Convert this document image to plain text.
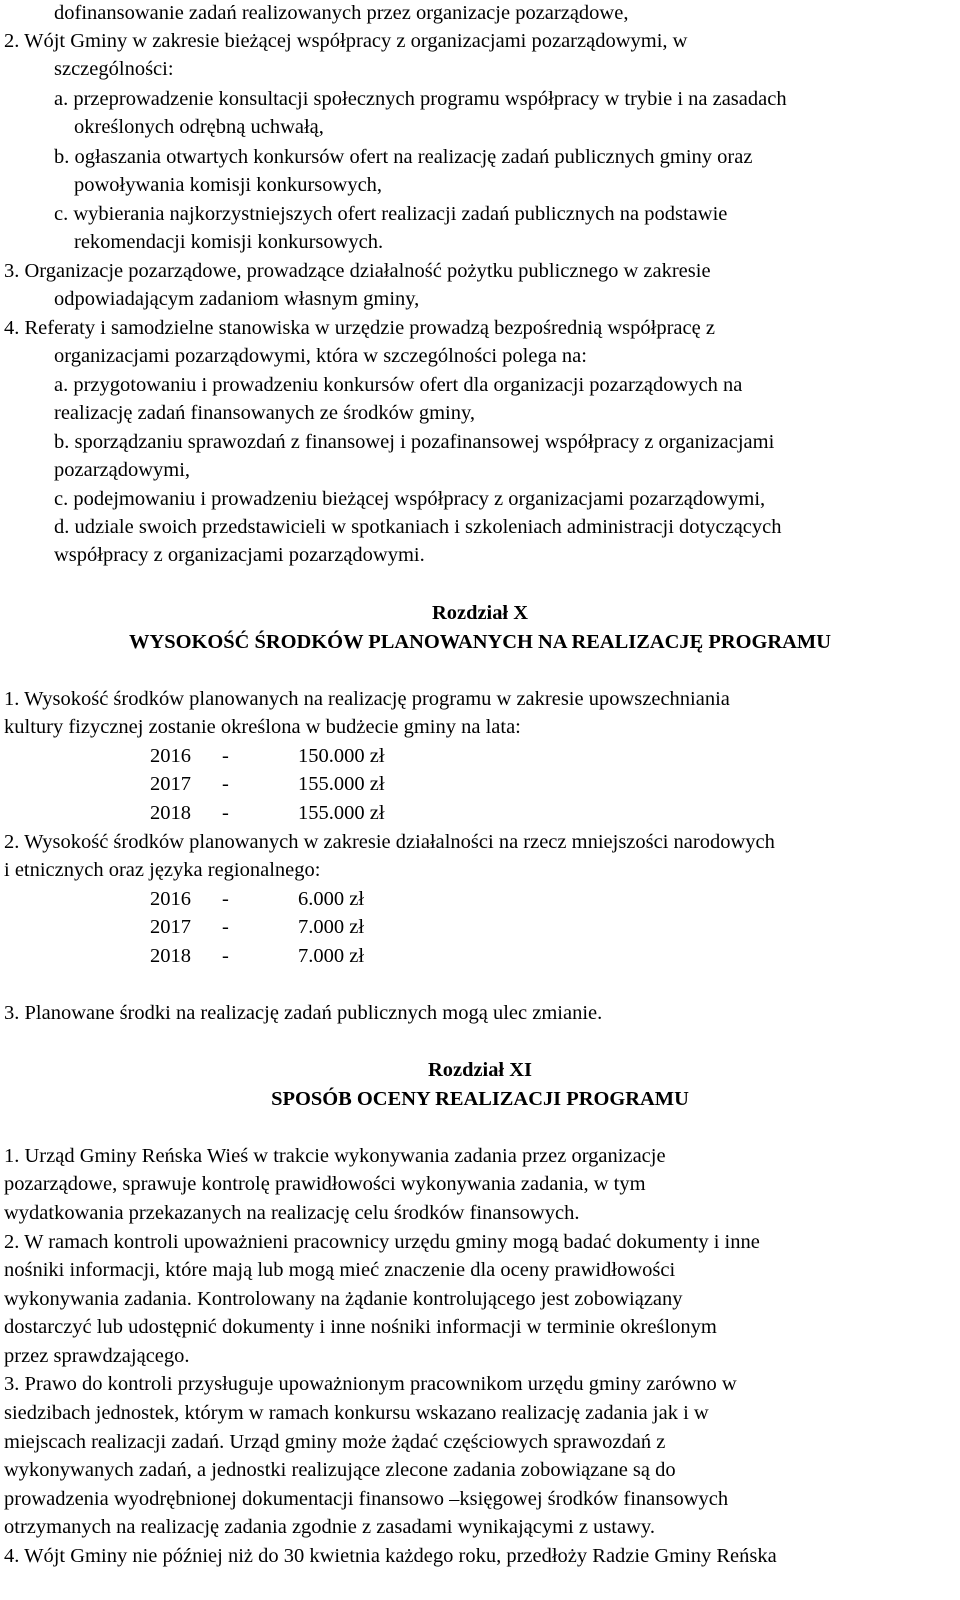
dofinansowanie zadań realizowanych przez organizacje pozarządowe,
2. Wójt Gminy w zakresie bieżącej współpracy z organizacjami pozarządowymi, w
szczególności:
a. przeprowadzenie konsultacji społecznych programu współpracy w trybie i na zasadach
określonych odrębną uchwałą,
b. ogłaszania otwartych konkursów ofert na realizację zadań publicznych gminy oraz
powoływania komisji konkursowych,
c. wybierania najkorzystniejszych ofert realizacji zadań publicznych na podstawie
rekomendacji komisji konkursowych.
3. Organizacje pozarządowe, prowadzące działalność pożytku publicznego w zakresie
odpowiadającym zadaniom własnym gminy,
4. Referaty i samodzielne stanowiska w urzędzie prowadzą bezpośrednią współpracę z
organizacjami pozarządowymi, która w szczególności polega na:
a. przygotowaniu i prowadzeniu konkursów ofert dla organizacji pozarządowych na
realizację zadań finansowanych ze środków gminy,
b. sporządzaniu sprawozdań z finansowej i pozafinansowej współpracy z organizacjami
pozarządowymi,
c. podejmowaniu i prowadzeniu bieżącej współpracy z organizacjami pozarządowymi,
d. udziale swoich przedstawicieli w spotkaniach i szkoleniach administracji dotyczących
współpracy z organizacjami pozarządowymi.
Rozdział X
WYSOKOŚĆ ŚRODKÓW PLANOWANYCH NA REALIZACJĘ PROGRAMU
1. Wysokość środków planowanych na realizację programu w zakresie upowszechniania
kultury fizycznej zostanie określona w budżecie gminy na lata:
2016 -	150.000 zł
2017 -	155.000 zł
2018 -	155.000 zł
2. Wysokość środków planowanych w zakresie działalności na rzecz mniejszości narodowych
i etnicznych oraz języka regionalnego:
2016 -	6.000 zł
2017 -	7.000 zł
2018 -	7.000 zł
3. Planowane środki na realizację zadań publicznych mogą ulec zmianie.
Rozdział XI
SPOSÓB OCENY REALIZACJI PROGRAMU
1. Urząd Gminy Reńska Wieś w trakcie wykonywania zadania przez organizacje
pozarządowe, sprawuje kontrolę prawidłowości wykonywania zadania, w tym
wydatkowania przekazanych na realizację celu środków finansowych.
2. W ramach kontroli upoważnieni pracownicy urzędu gminy mogą badać dokumenty i inne
nośniki informacji, które mają lub mogą mieć znaczenie dla oceny prawidłowości
wykonywania zadania. Kontrolowany na żądanie kontrolującego jest zobowiązany
dostarczyć lub udostępnić dokumenty i inne nośniki informacji w terminie określonym
przez sprawdzającego.
3. Prawo do kontroli przysługuje upoważnionym pracownikom urzędu gminy zarówno w
siedzibach jednostek, którym w ramach konkursu wskazano realizację zadania jak i w
miejscach realizacji zadań. Urząd gminy może żądać częściowych sprawozdań z
wykonywanych zadań, a jednostki realizujące zlecone zadania zobowiązane są do
prowadzenia wyodrębnionej dokumentacji finansowo –księgowej środków finansowych
otrzymanych na realizację zadania zgodnie z zasadami wynikającymi z ustawy.
4. Wójt Gminy nie później niż do 30 kwietnia każdego roku, przedłoży Radzie Gminy Reńska
